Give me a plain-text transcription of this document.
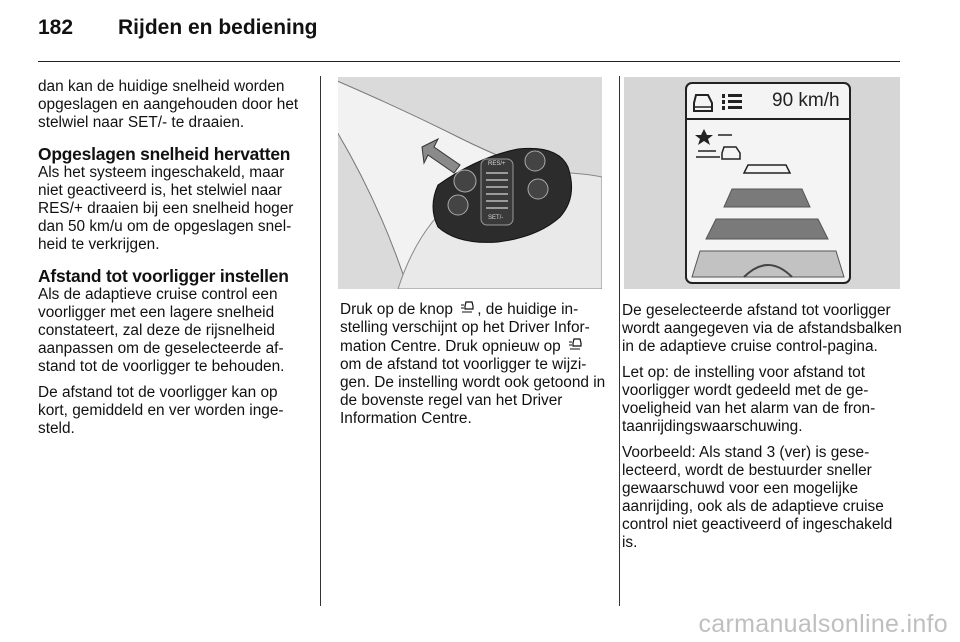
182 Rijden en bediening

dan kan de huidige snelheid worden opgeslagen en aangehouden door het stelwiel naar SET/- te draaien.

Opgeslagen snelheid hervatten

Als het systeem ingeschakeld, maar niet geactiveerd is, het stelwiel naar RES/+ draaien bij een snelheid hoger dan 50 km/u om de opgeslagen snelheid te verkrijgen.

Afstand tot voorligger instellen

Als de adaptieve cruise control een voorligger met een lagere snelheid constateert, zal deze de rijsnelheid aanpassen om de geselecteerde afstand tot de voorligger te behouden.

De afstand tot de voorligger kan op kort, gemiddeld en ver worden ingesteld.

RES/+
SET/-
90 km/h

Druk op de knop , de huidige instelling verschijnt op het Driver Information Centre. Druk opnieuw op  om de afstand tot voorligger te wijzigen. De instelling wordt ook getoond in de bovenste regel van het Driver Information Centre.

De geselecteerde afstand tot voorligger wordt aangegeven via de afstandsbalken in de adaptieve cruise control-pagina.

Let op: de instelling voor afstand tot voorligger wordt gedeeld met de gevoeligheid van het alarm van de frontaanrijdingswaarschuwing.

Voorbeeld: Als stand 3 (ver) is geselecteerd, wordt de bestuurder sneller gewaarschuwd voor een mogelijke aanrijding, ook als de adaptieve cruise control niet geactiveerd of ingeschakeld is.

carmanualsonline.info
